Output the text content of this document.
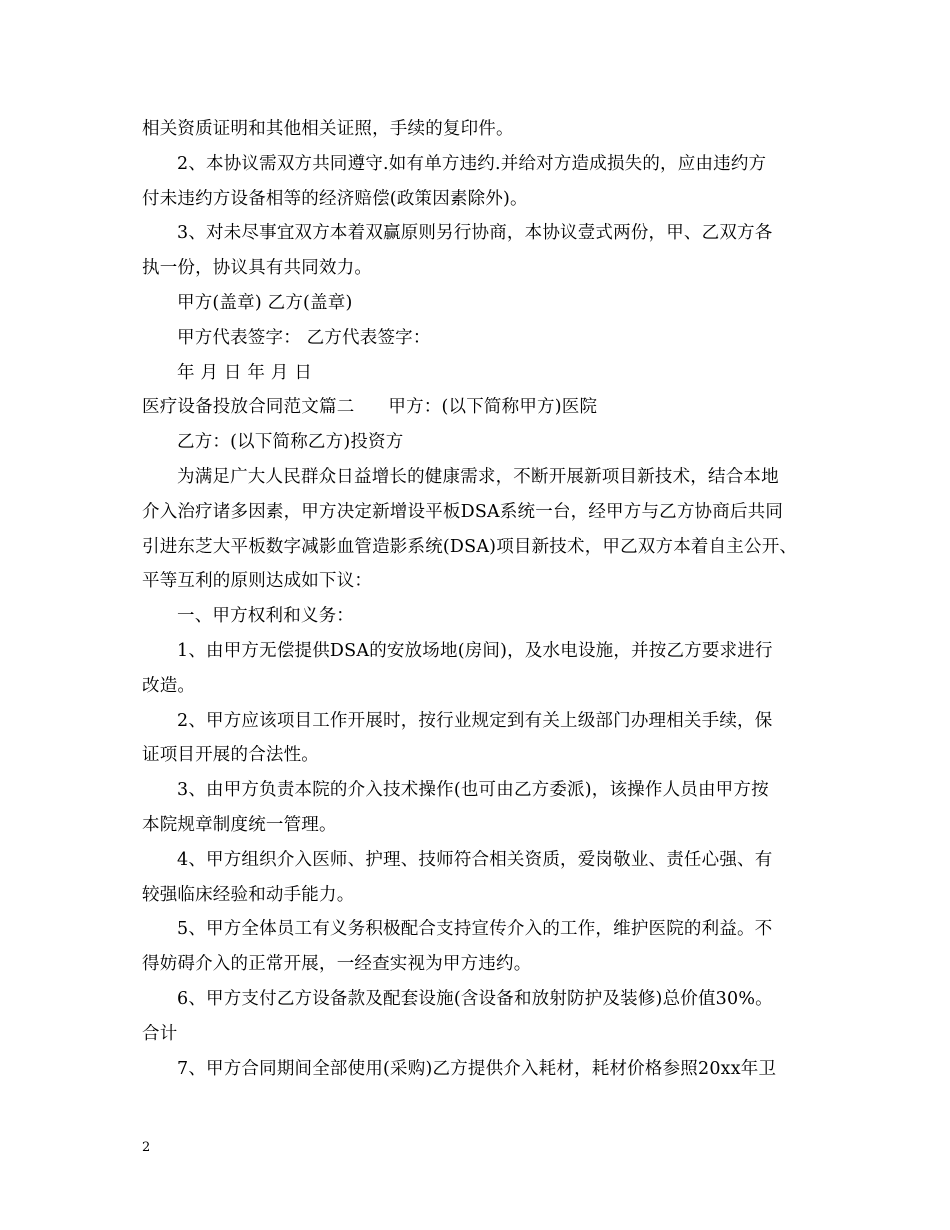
相关资质证明和其他相关证照，手续的复印件。
2、本协议需双方共同遵守.如有单方违约.并给对方造成损失的，应由违约方
付未违约方设备相等的经济赔偿(政策因素除外)。
3、对未尽事宜双方本着双赢原则另行协商，本协议壹式两份，甲、乙双方各
执一份，协议具有共同效力。
甲方(盖章) 乙方(盖章)
甲方代表签字： 乙方代表签字：
年 月 日 年 月 日
医疗设备投放合同范文篇二 甲方：(以下简称甲方)医院
乙方：(以下简称乙方)投资方
为满足广大人民群众日益增长的健康需求，不断开展新项目新技术，结合本地
介入治疗诸多因素，甲方决定新增设平板DSA系统一台，经甲方与乙方协商后共同
引进东芝大平板数字减影血管造影系统(DSA)项目新技术，甲乙双方本着自主公开、
平等互利的原则达成如下议：
一、甲方权利和义务：
1、由甲方无偿提供DSA的安放场地(房间)，及水电设施，并按乙方要求进行
改造。
2、甲方应该项目工作开展时，按行业规定到有关上级部门办理相关手续，保
证项目开展的合法性。
3、由甲方负责本院的介入技术操作(也可由乙方委派)，该操作人员由甲方按
本院规章制度统一管理。
4、甲方组织介入医师、护理、技师符合相关资质，爱岗敬业、责任心强、有
较强临床经验和动手能力。
5、甲方全体员工有义务积极配合支持宣传介入的工作，维护医院的利益。不
得妨碍介入的正常开展，一经查实视为甲方违约。
6、甲方支付乙方设备款及配套设施(含设备和放射防护及装修)总价值30%。
合计
7、甲方合同期间全部使用(采购)乙方提供介入耗材，耗材价格参照20xx年卫
2
